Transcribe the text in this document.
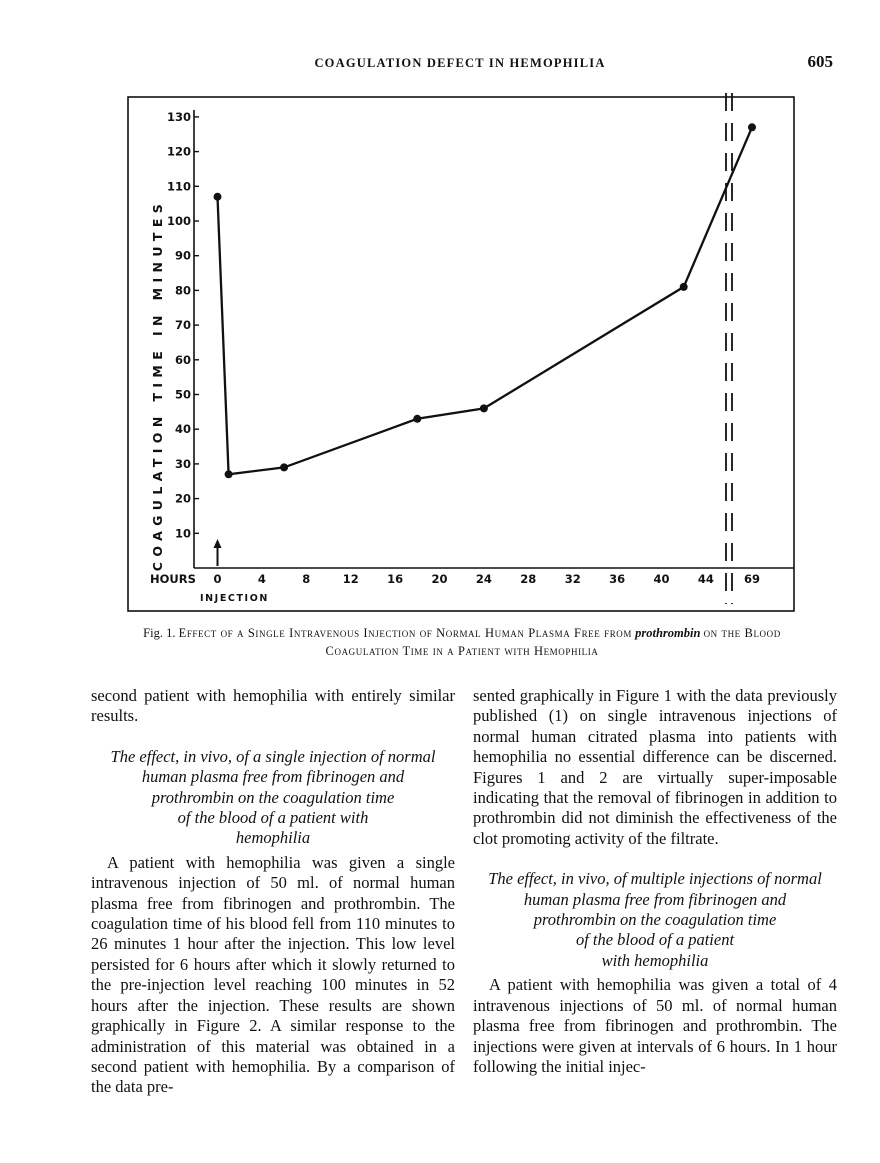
COAGULATION DEFECT IN HEMOPHILIA	605
10
20
30
40
50
60
70
80
90
100
110
120
130
0	4	8	12 16 20 24 28 32 36 40 44	69
HOURS
COAGULATION TIME IN MINUTES
INJECTION
Fig. 1. Effect of a Single Intravenous Injection of Normal Human Plasma Free from prothrombin on the Blood Coagulation Time in a Patient with Hemophilia

second patient with hemophilia with entirely similar results.

The effect, in vivo, of a single injection of normal
human plasma free from fibrinogen and
prothrombin on the coagulation time
of the blood of a patient with
hemophilia

A patient with hemophilia was given a single intravenous injection of 50 ml. of normal human plasma free from fibrinogen and prothrombin. The coagulation time of his blood fell from 110 minutes to 26 minutes 1 hour after the injection. This low level persisted for 6 hours after which it slowly returned to the pre-injection level reaching 100 minutes in 52 hours after the injection. These results are shown graphically in Figure 2. A similar response to the administration of this material was obtained in a second patient with hemophilia. By a comparison of the data pre-

sented graphically in Figure 1 with the data previously published (1) on single intravenous injections of normal human citrated plasma into patients with hemophilia no essential difference can be discerned. Figures 1 and 2 are virtually super-imposable indicating that the removal of fibrinogen in addition to prothrombin did not diminish the effectiveness of the clot promoting activity of the filtrate.

The effect, in vivo, of multiple injections of normal
human plasma free from fibrinogen and
prothrombin on the coagulation time
of the blood of a patient
with hemophilia

A patient with hemophilia was given a total of 4 intravenous injections of 50 ml. of normal human plasma free from fibrinogen and prothrombin. The injections were given at intervals of 6 hours. In 1 hour following the initial injec-
